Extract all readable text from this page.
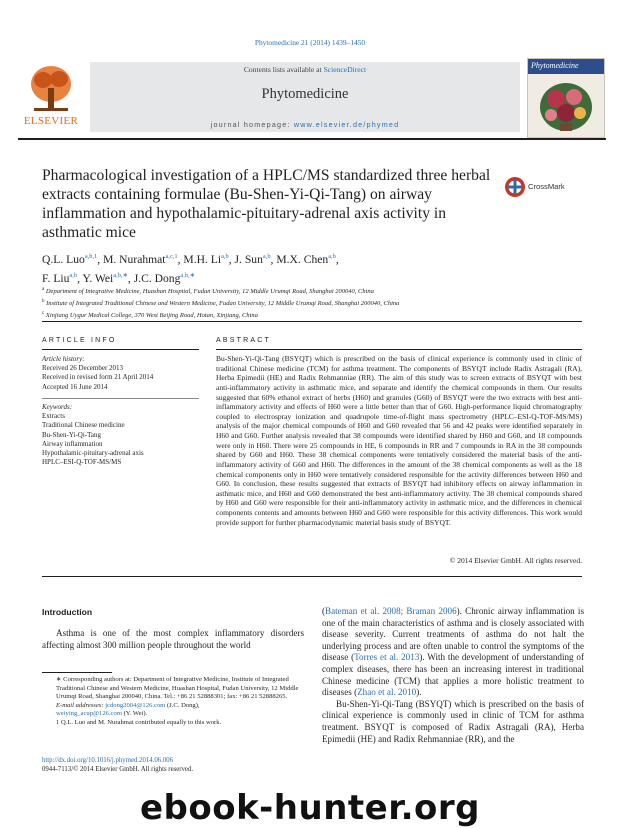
Phytomedicine 21 (2014) 1439–1450
ELSEVIER
Contents lists available at ScienceDirect
Phytomedicine
journal homepage: www.elsevier.de/phymed
Phytomedicine
Pharmacological investigation of a HPLC/MS standardized three herbal extracts containing formulae (Bu-Shen-Yi-Qi-Tang) on airway inflammation and hypothalamic-pituitary-adrenal axis activity in asthmatic mice
CrossMark
Q.L. Luo$^{a,b,1}$, M. Nurahmat$^{a,c,1}$, M.H. Li$^{a,b}$, J. Sun$^{a,b}$, M.X. Chen$^{a,b}$,
F. Liu$^{a,b}$, Y. Wei$^{a,b,∗}$, J.C. Dong$^{a,b,∗}$
$^a$ Department of Integrative Medicine, Huashan Hospital, Fudan University, 12 Middle Urumqi Road, Shanghai 200040, China
$^b$ Institute of Integrated Traditional Chinese and Western Medicine, Fudan University, 12 Middle Urumqi Road, Shanghai 200040, China
$^c$ Xinjiang Uygur Medical College, 370 West Beijing Road, Hotan, Xinjiang, China
ARTICLE INFO	ABSTRACT
Article history:
Received 26 December 2013
Received in revised form 21 April 2014
Accepted 16 June 2014
Keywords:
Extracts
Traditional Chinese medicine
Bu-Shen-Yi-Qi-Tang
Airway inflammation
Hypothalamic-pituitary-adrenal axis
HPLC–ESI-Q-TOF-MS/MS
Bu-Shen-Yi-Qi-Tang (BSYQT) which is prescribed on the basis of clinical experience is commonly used in clinic of traditional Chinese medicine (TCM) for asthma treatment. The components of BSYQT include Radix Astragali (RA), Herba Epimedii (HE) and Radix Rehmanniae (RR). The aim of this study was to screen extracts of BSYQT with best anti-inflammatory activity in asthmatic mice, and separate and identify the chemical compounds in them. Our results suggested that 60% ethanol extract of herbs (H60) and granules (G60) of BSYQT were the two extracts with best anti-inflammatory activity and effects of H60 were a little better than that of G60. High-performance liquid chromatography coupled to electrospray ionization and quadrupole time-of-flight mass spectrometry (HPLC–ESI-Q-TOF-MS/MS) analysis of the major chemical compounds of H60 and G60 revealed that 56 and 42 peaks were identified separately in H60 and G60. Further analysis revealed that 38 compounds were identified shared by H60 and G60, and 18 compounds were only in H60. There were 25 compounds in HE, 6 compounds in RR and 7 compounds in RA in the 38 compounds shared by G60 and H60. These 38 chemical components were tentatively considered the material basis of the anti-inflammatory activity of G60 and H60. The differences in the amount of the 38 chemical components as well as the 18 chemical components only in H60 were tentatively considered responsible for the activity differences between H60 and G60. In conclusion, these results suggested that extracts of BSYQT had inhibitory effects on airway inflammation in asthmatic mice, and H60 and G60 demonstrated the best anti-inflammatory activity. The 38 chemical compounds shared by H60 and G60 were responsible for their anti-inflammatory activity in asthmatic mice, and the differences in chemical components contents and amounts between H60 and G60 were responsible for this activity differences. This work would provide support for further pharmacodynamic material basis study of BSYQT.
© 2014 Elsevier GmbH. All rights reserved.
Introduction
Asthma is one of the most complex inflammatory disorders affecting almost 300 million people throughout the world

(Bateman et al. 2008; Braman 2006). Chronic airway inflammation is one of the main characteristics of asthma and is closely associated with disease severity. Current treatments of asthma do not halt the underlying process and are often unable to control the symptoms of the disease (Torres et al. 2013). With the development of understanding of complex diseases, there has been an increasing interest in traditional Chinese medicine (TCM) that applies a more holistic treatment to diseases (Zhao et al. 2010).

Bu-Shen-Yi-Qi-Tang (BSYQT) which is prescribed on the basis of clinical experience is commonly used in clinic of TCM for asthma treatment. BSYQT is composed of Radix Astragali (RA), Herba Epimedii (HE) and Radix Rehmanniae (RR), and the

∗ Corresponding authors at: Department of Integrative Medicine, Institute of Integrated Traditional Chinese and Western Medicine, Huashan Hospital, Fudan University, 12 Middle Urumqi Road, Shanghai 200040, China. Tel.: +86 21 52888301; fax: +86 21 52888265.

E-mail addresses: jcdong2004@126.com (J.C. Dong),
weiying_acup@126.com (Y. Wei).

1 Q.L. Luo and M. Nurahmat contributed equally to this work.

http://dx.doi.org/10.1016/j.phymed.2014.06.006
0944-7113/© 2014 Elsevier GmbH. All rights reserved.
ebook-hunter.org
